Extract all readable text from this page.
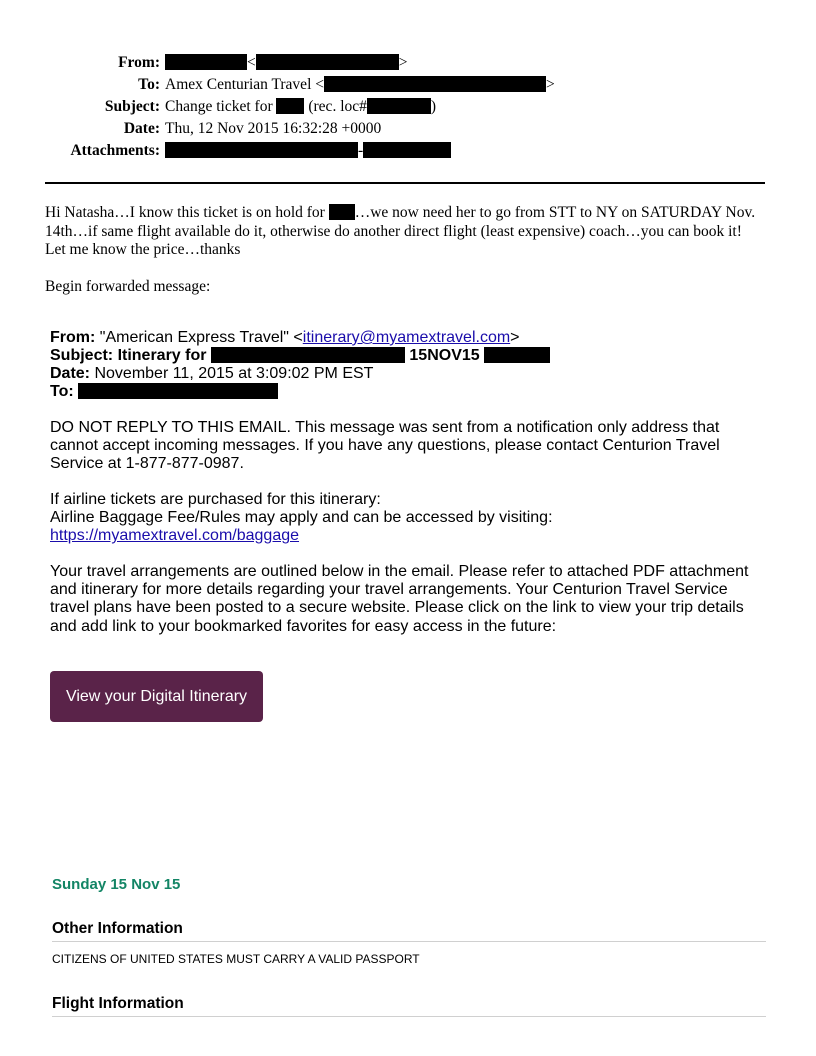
From:	<	>
To: Amex Centurian Travel <	>
Subject: Change ticket for (rec. loc#	)
Date: Thu, 12 Nov 2015 16:32:28 +0000
Attachments:	-
Hi Natasha…I know this ticket is on hold for …we now need her to go from STT to NY on SATURDAY Nov. 14th…if same flight available do it, otherwise do another direct flight (least expensive) coach…you can book it! Let me know the price…thanks
Begin forwarded message:
From: "American Express Travel" <itinerary@myamextravel.com>
Subject: Itinerary for	15NOV15
Date: November 11, 2015 at 3:09:02 PM EST
To:
DO NOT REPLY TO THIS EMAIL. This message was sent from a notification only address that cannot accept incoming messages. If you have any questions, please contact Centurion Travel Service at 1-877-877-0987.
If airline tickets are purchased for this itinerary:
Airline Baggage Fee/Rules may apply and can be accessed by visiting:
https://myamextravel.com/baggage
Your travel arrangements are outlined below in the email. Please refer to attached PDF attachment and itinerary for more details regarding your travel arrangements. Your Centurion Travel Service travel plans have been posted to a secure website. Please click on the link to view your trip details and add link to your bookmarked favorites for easy access in the future:
View your Digital Itinerary
Sunday 15 Nov 15
Other Information
CITIZENS OF UNITED STATES MUST CARRY A VALID PASSPORT
Flight Information
